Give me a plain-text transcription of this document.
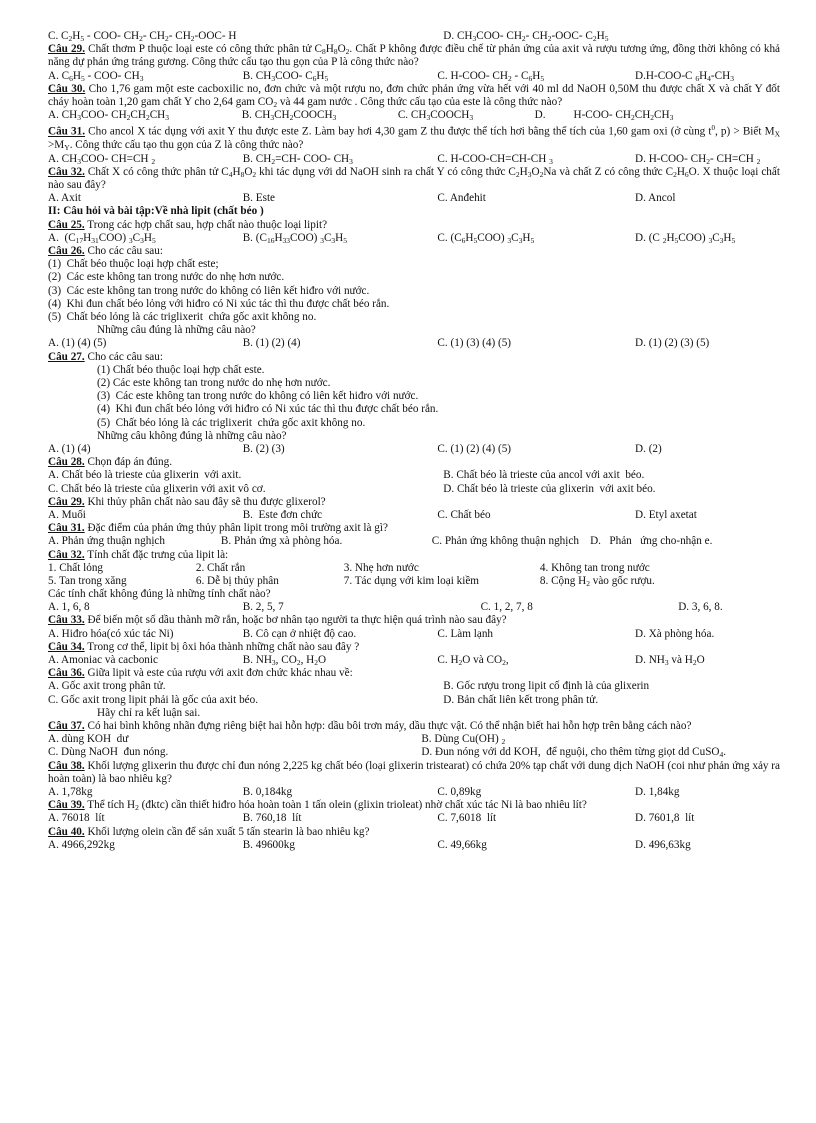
C. $C_2H_5 - COO-$ $CH_2-$ $CH_2-$ $CH_2-OOC-$ H	D. $CH_3COO-$ $CH_2-$ $CH_2-OOC-$ $C_2H_5$
Câu 29. Chất thơm P thuộc loại este có công thức phân tử $C_8H_8O_2$. Chất P không được điều chế từ phản ứng của axit và rượu tương ứng, đồng thời không có khả năng dự phản ứng tráng gương. Công thức cấu tạo thu gọn của P là công thức nào?
A. $C_6H_5 - COO-$ $CH_3$	B. $CH_3COO-$ $C_6H_5$	C. H-COO- $CH_2 - C_6H_5$	D.H-COO-C $_6H_4-CH_3$
Câu 30. Cho 1,76 gam một este cacboxilic no, đơn chức và một rượu no, đơn chức phản ứng vừa hết với 40 ml dd NaOH 0,50M thu được chất X và chất Y đốt cháy hoàn toàn 1,20 gam chất Y cho 2,64 gam $CO_2$ và 44 gam nước . Công thức cấu tạo của este là công thức nào?
A. $CH_3COO-$ $CH_2CH_2CH_3$                          B. $CH_3CH_2COOCH_3$                      C. $CH_3COOCH_3$                      D.          H-COO- $CH_2CH_2CH_3$
Câu 31. Cho ancol X tác dụng với axit Y thu được este Z. Làm bay hơi 4,30 gam Z thu được thể tích hơi bằng thể tích của 1,60 gam oxi (ở cùng $t^0$, p) > Biết $M_X >M_Y$. Công thức cấu tạo thu gọn của Z là công thức nào?
A. $CH_3COO-$ CH=CH $_2$	B. $CH_2=CH-$ COO- $CH_3$	C. H-COO-CH=CH-CH $_3$	D. H-COO- $CH_2-$ CH=CH $_2$
Câu 32. Chất X có công thức phân tử $C_4H_8O_2$ khi tác dụng với dd NaOH sinh ra chất Y có công thức $C_2H_3O_2Na$ và chất Z có công thức $C_2H_6O$. X thuộc loại chất nào sau đây?
A. Axit	B. Este	C. Anđehit	D. Ancol
II: Câu hỏi và bài tập:Về nhà lipit (chất béo )
Câu 25. Trong các hợp chất sau, hợp chất nào thuộc loại lipit?
A.  $(C_{17}H_{31}COO)$ $_3C_3H_5$	B. $(C_{16}H_{33}COO)$ $_3C_3H_5$	C. $(C_6H_5COO)$ $_3C_3H_5$	D. (C $_2H_5COO$) $_3C_3H_5$
Câu 26. Cho các câu sau:
(1)  Chất béo thuộc loại hợp chất este;
(2)  Các este không tan trong nước do nhẹ hơn nước.
(3)  Các este không tan trong nước do không có liên kết hiđro với nước.
(4)  Khi đun chất béo lỏng với hiđro có Ni xúc tác thì thu được chất béo rắn.
(5)  Chất béo lỏng là các triglixerit  chứa gốc axit không no.
Những câu đúng là những câu nào?
A. (1) (4) (5)	B. (1) (2) (4)	C. (1) (3) (4) (5)	D. (1) (2) (3) (5)
Câu 27. Cho các câu sau:
(1) Chất béo thuộc loại hợp chất este.
(2) Các este không tan trong nước do nhẹ hơn nước.
(3)  Các este không tan trong nước do không có liên kết hiđro với nước.
(4)  Khi đun chất béo lỏng với hiđro có Ni xúc tác thì thu được chất béo rắn.
(5)  Chất béo lỏng là các triglixerit  chứa gốc axit không no.
Những câu không đúng là những câu nào?
A. (1) (4)	B. (2) (3)	C. (1) (2) (4) (5)	D. (2)
Câu 28. Chọn đáp án đúng.
A. Chất béo là trieste của glixerin  với axit.	B. Chất béo là trieste của ancol với axit  béo.
C. Chất béo là trieste của glixerin với axit vô cơ.	D. Chất béo là trieste của glixerin  với axit béo.
Câu 29. Khi thủy phân chất nào sau đây sẽ thu được glixerol?
A. Muối	B.  Este đơn chức	C. Chất béo	D. Etyl axetat
Câu 31. Đặc điểm của phản ứng thủy phân lipit trong môi trường axit là gì?
A. Phản ứng thuận nghịch                    B. Phản ứng xà phòng hóa.                                C. Phản ứng không thuận nghịch    D.   Phản   ứng cho-nhận e.
Câu 32. Tính chất đặc trưng của lipit là:
1. Chất lỏng	2. Chất rắn	3. Nhẹ hơn nước	4. Không tan trong nước
5. Tan trong xăng	6. Dễ bị thủy phân	7. Tác dụng với kim loại kiềm	8. Cộng $H_2$ vào gốc rượu.
Các tính chất không đúng là những tính chất nào?
A. 1, 6, 8	B. 2, 5, 7	C. 1, 2, 7, 8	D. 3, 6, 8.
Câu 33. Để biến một số dầu thành mỡ rắn, hoặc bơ nhân tạo người ta thực hiện quá trình nào sau đây?
A. Hiđro hóa(có xúc tác Ni)	B. Cô cạn ở nhiệt độ cao.	C. Làm lạnh	D. Xà phòng hóa.
Câu 34. Trong cơ thể, lipit bị ôxi hóa thành những chất nào sau đây ?
A. Amoniac và cacbonic	B. $NH_3$, $CO_2$, $H_2O$	C. $H_2O$ và $CO_2$,	D. $NH_3$ và $H_2O$
Câu 36. Giữa lipit và este của rượu với axit đơn chức khác nhau về:
A. Gốc axit trong phân tử.	B. Gốc rượu trong lipit cố định là của glixerin
C. Gốc axit trong lipit phải là gốc của axit béo.	D. Bản chất liên kết trong phân tử.
Hãy chỉ ra kết luận sai.
Câu 37. Có hai bình không nhãn đựng riêng biệt hai hỗn hợp: dầu bôi trơn máy, dầu thực vật. Có thể nhận biết hai hỗn hợp trên bằng cách nào?
A. dùng KOH  dư	B. Dùng Cu(OH) $_2$
C. Dùng NaOH  đun nóng.	D. Đun nóng với dd KOH,  để nguội, cho thêm từng giọt dd CuSO$_4$.
Câu 38. Khối lượng glixerin thu được chỉ đun nóng 2,225 kg chất béo (loại glixerin tristearat) có chứa 20% tạp chất với dung dịch NaOH (coi như phản ứng xảy ra hoàn toàn) là bao nhiêu kg?
A. 1,78kg	B. 0,184kg	C. 0,89kg	D. 1,84kg
Câu 39. Thể tích $H_2$ (đktc) cần thiết hiđro hóa hoàn toàn 1 tấn olein (glixin trioleat) nhờ chất xúc tác Ni là bao nhiêu lít?
A. 76018  lít	B. 760,18  lít	C. 7,6018  lít	D. 7601,8  lít
Câu 40. Khối lượng olein cần để sản xuất 5 tấn stearin là bao nhiêu kg?
A. 4966,292kg	B. 49600kg	C. 49,66kg	D. 496,63kg
